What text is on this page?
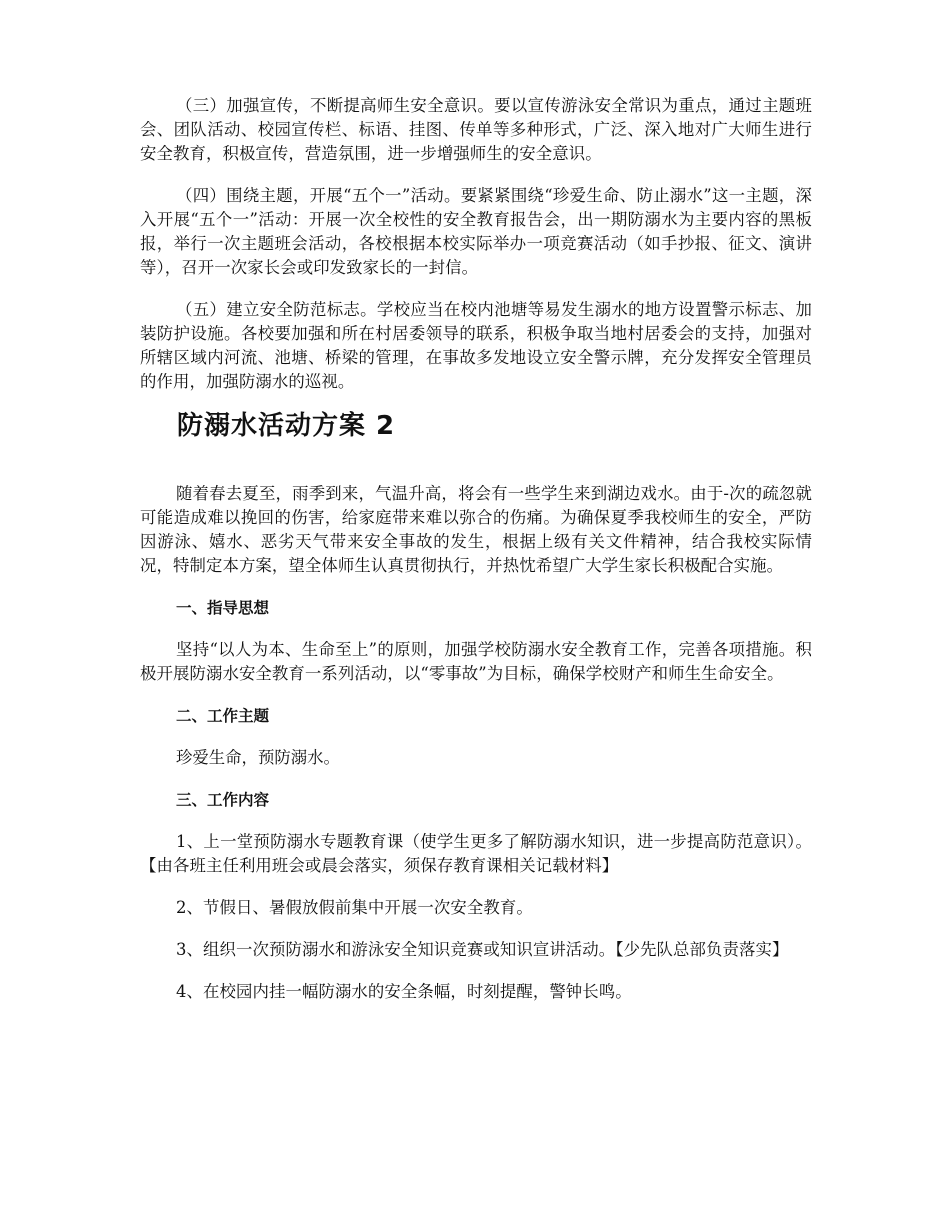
（三）加强宣传，不断提高师生安全意识。要以宣传游泳安全常识为重点，通过主题班会、团队活动、校园宣传栏、标语、挂图、传单等多种形式，广泛、深入地对广大师生进行安全教育，积极宣传，营造氛围，进一步增强师生的安全意识。

（四）围绕主题，开展“五个一”活动。要紧紧围绕“珍爱生命、防止溺水”这一主题，深入开展“五个一”活动：开展一次全校性的安全教育报告会，出一期防溺水为主要内容的黑板报，举行一次主题班会活动，各校根据本校实际举办一项竞赛活动（如手抄报、征文、演讲等），召开一次家长会或印发致家长的一封信。

（五）建立安全防范标志。学校应当在校内池塘等易发生溺水的地方设置警示标志、加装防护设施。各校要加强和所在村居委领导的联系，积极争取当地村居委会的支持，加强对所辖区域内河流、池塘、桥梁的管理，在事故多发地设立安全警示牌，充分发挥安全管理员的作用，加强防溺水的巡视。

防溺水活动方案 2

随着春去夏至，雨季到来，气温升高，将会有一些学生来到湖边戏水。由于-次的疏忽就可能造成难以挽回的伤害，给家庭带来难以弥合的伤痛。为确保夏季我校师生的安全，严防因游泳、嬉水、恶劣天气带来安全事故的发生，根据上级有关文件精神，结合我校实际情况，特制定本方案，望全体师生认真贯彻执行，并热忱希望广大学生家长积极配合实施。

一、指导思想

坚持“以人为本、生命至上”的原则，加强学校防溺水安全教育工作，完善各项措施。积极开展防溺水安全教育一系列活动，以“零事故”为目标，确保学校财产和师生生命安全。

二、工作主题

珍爱生命，预防溺水。

三、工作内容

1、上一堂预防溺水专题教育课（使学生更多了解防溺水知识，进一步提高防范意识）。【由各班主任利用班会或晨会落实，须保存教育课相关记载材料】

2、节假日、暑假放假前集中开展一次安全教育。

3、组织一次预防溺水和游泳安全知识竞赛或知识宣讲活动。【少先队总部负责落实】

4、在校园内挂一幅防溺水的安全条幅，时刻提醒，警钟长鸣。
